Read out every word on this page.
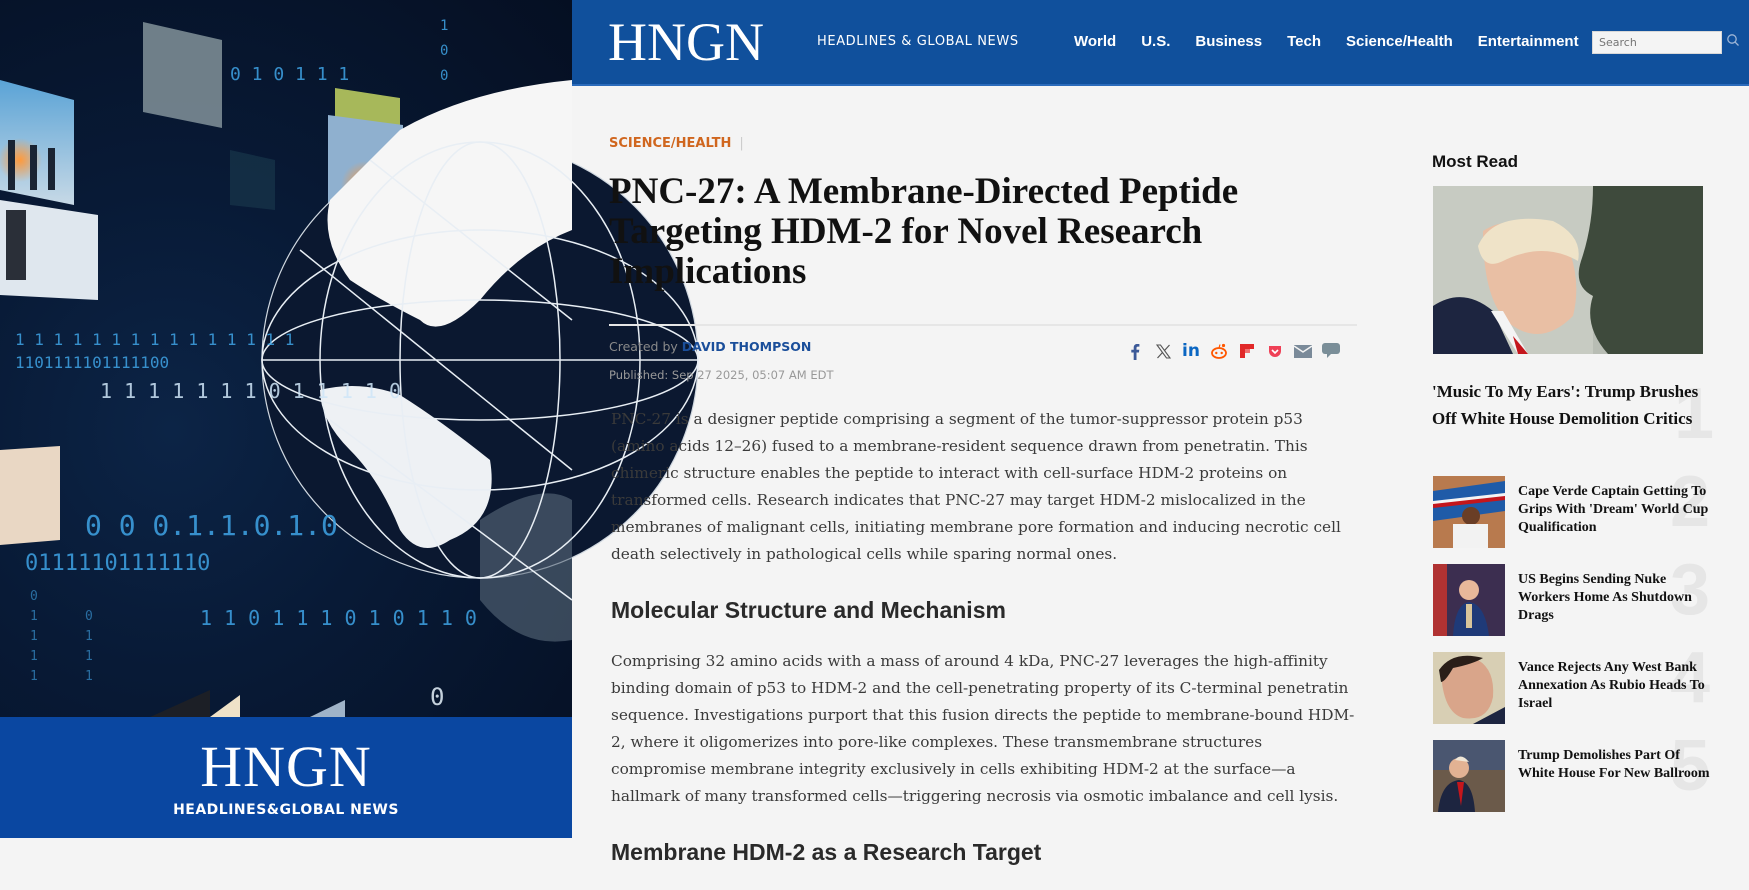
1 1 1 1 1 1 1 1 1 1 1 1 1 1 1
1101111101111100
1 1 1 1 1 1 1 0 1 1 1 1 0
0 0 0.1.1.0.1.0
01111101111110
1 1 0 1 1 1 0 1 0 1 1 0
0 1 0 1 1 1
1
0
0
0
0
1
1
1
1
0
1
1
1
HNGN
HEADLINES&GLOBAL NEWS
HNGN	HEADLINES & GLOBAL NEWS	World U.S. Business Tech Science/Health Entertainment
Search
SCIENCE/HEALTH |
PNC-27: A Membrane-Directed Peptide Targeting HDM-2 for Novel Research Implications
Created by DAVID THOMPSON
Published: Sep 27 2025, 05:07 AM EDT
in

PNC-27 is a designer peptide comprising a segment of the tumor-suppressor protein p53 (amino acids 12–26) fused to a membrane-resident sequence drawn from penetratin. This chimeric structure enables the peptide to interact with cell-surface HDM-2 proteins on transformed cells. Research indicates that PNC-27 may target HDM-2 mislocalized in the membranes of malignant cells, initiating membrane pore formation and inducing necrotic cell death selectively in pathological cells while sparing normal ones.

Molecular Structure and Mechanism

Comprising 32 amino acids with a mass of around 4 kDa, PNC-27 leverages the high-affinity binding domain of p53 to HDM-2 and the cell-penetrating property of its C-terminal penetratin sequence. Investigations purport that this fusion directs the peptide to membrane-bound HDM-2, where it oligomerizes into pore-like complexes. These transmembrane structures compromise membrane integrity exclusively in cells exhibiting HDM-2 at the surface—a hallmark of many transformed cells—triggering necrosis via osmotic imbalance and cell lysis.

Membrane HDM-2 as a Research Target
Most Read
1
'Music To My Ears': Trump Brushes Off White House Demolition Critics
2
Cape Verde Captain Getting To Grips With 'Dream' World Cup Qualification
3
US Begins Sending Nuke Workers Home As Shutdown Drags
4
Vance Rejects Any West Bank Annexation As Rubio Heads To Israel
5
Trump Demolishes Part Of White House For New Ballroom
